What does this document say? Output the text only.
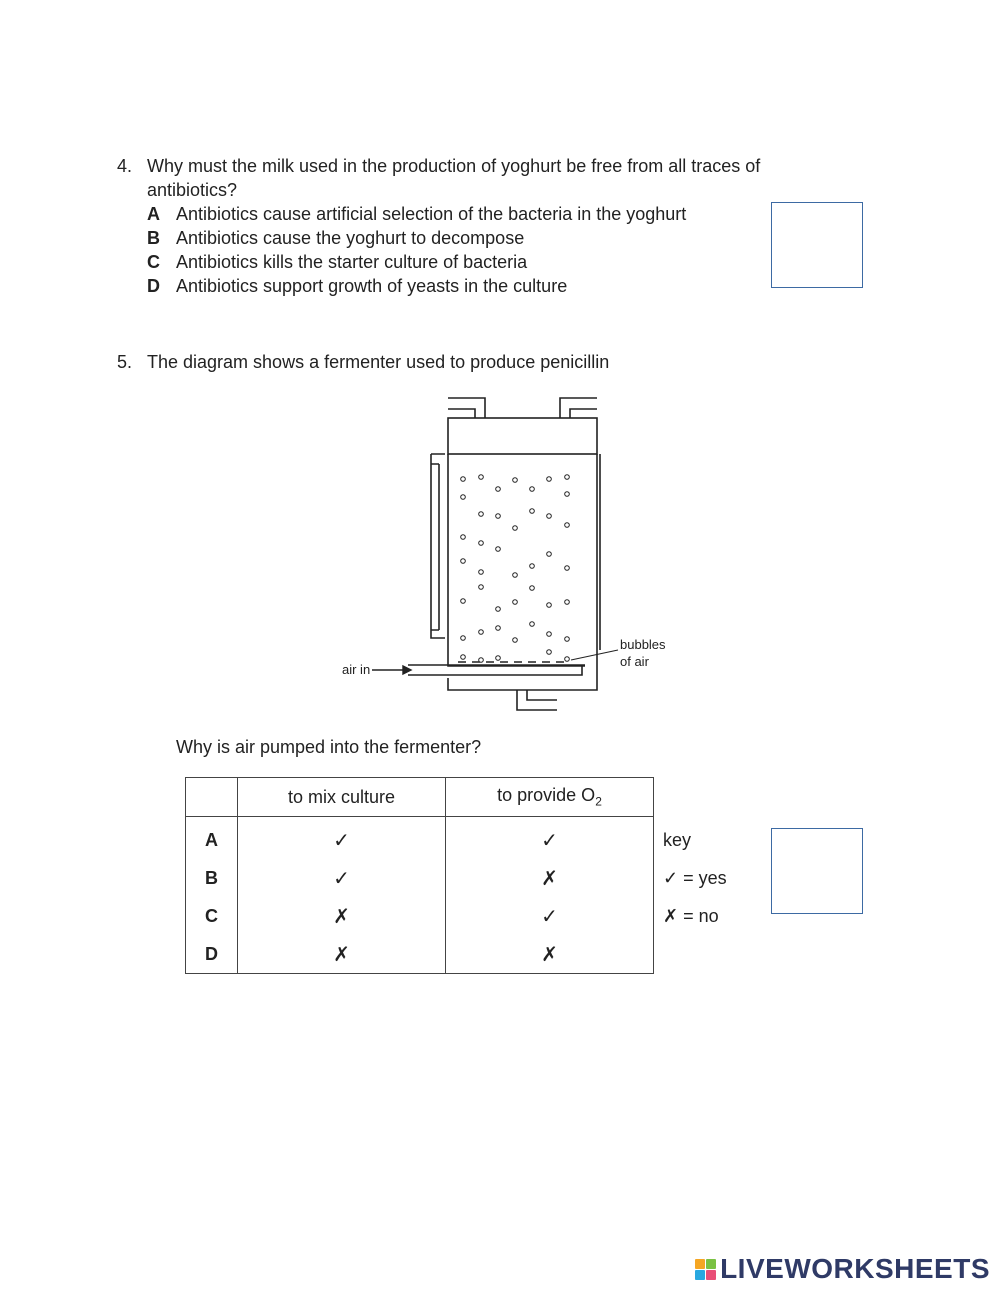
4. Why must the milk used in the production of yoghurt be free from all traces of
antibiotics?
A Antibiotics cause artificial selection of the bacteria in the yoghurt
B Antibiotics cause the yoghurt to decompose
C Antibiotics kills the starter culture of bacteria
D Antibiotics support growth of yeasts in the culture
5. The diagram shows a fermenter used to produce penicillin
air in
bubbles
of air
Why is air pumped into the fermenter?
	to mix culture	to provide $O_2$
A	✓	✓
B	✓	✗
C	✗	✓
D	✗	✗
key
✓ = yes
✗ = no
LIVEWORKSHEETS
